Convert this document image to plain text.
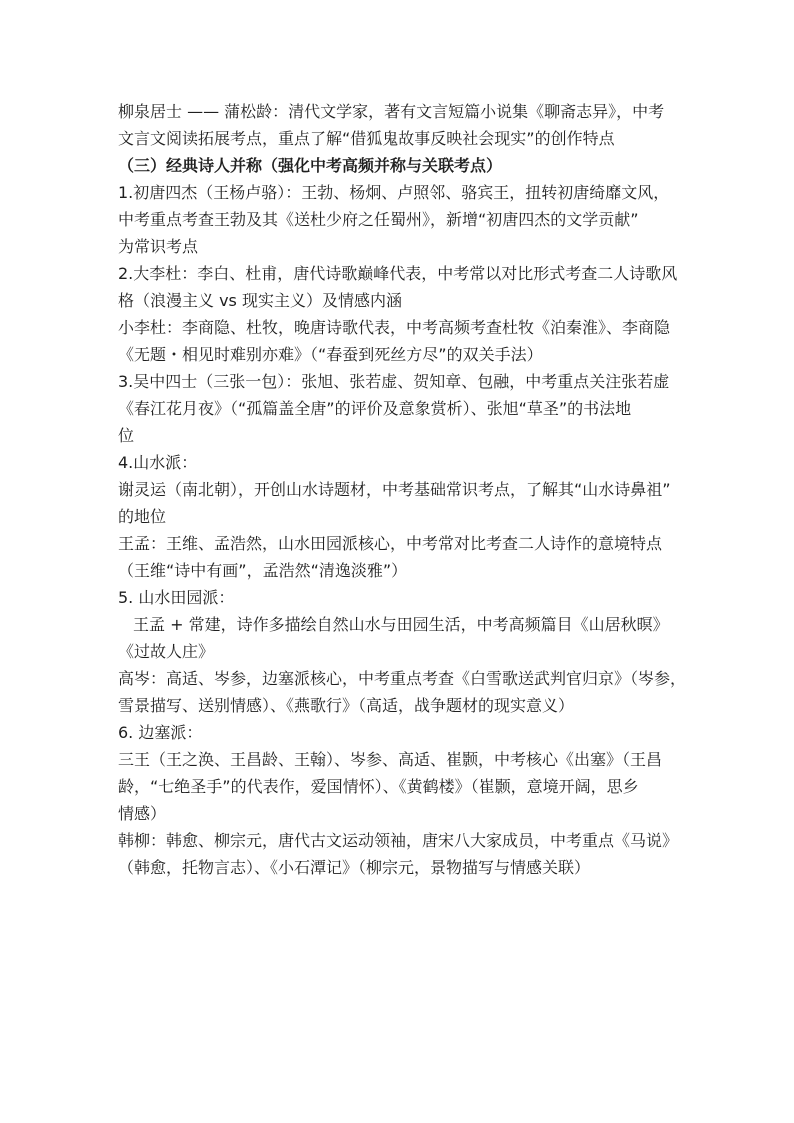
柳泉居士 —— 蒲松龄：清代文学家，著有文言短篇小说集《聊斋志异》，中考
文言文阅读拓展考点，重点了解“借狐鬼故事反映社会现实”的创作特点
（三）经典诗人并称（强化中考高频并称与关联考点）
1.初唐四杰（王杨卢骆）：王勃、杨炯、卢照邻、骆宾王，扭转初唐绮靡文风，
中考重点考查王勃及其《送杜少府之任蜀州》，新增“初唐四杰的文学贡献”
为常识考点
2.大李杜：李白、杜甫，唐代诗歌巅峰代表，中考常以对比形式考查二人诗歌风
格（浪漫主义 vs 现实主义）及情感内涵
小李杜：李商隐、杜牧，晚唐诗歌代表，中考高频考查杜牧《泊秦淮》、李商隐
《无题・相见时难别亦难》（“春蚕到死丝方尽”的双关手法）
3.吴中四士（三张一包）：张旭、张若虚、贺知章、包融，中考重点关注张若虚
《春江花月夜》（“孤篇盖全唐”的评价及意象赏析）、张旭“草圣”的书法地
位
4.山水派：
谢灵运（南北朝），开创山水诗题材，中考基础常识考点，了解其“山水诗鼻祖”
的地位
王孟：王维、孟浩然，山水田园派核心，中考常对比考查二人诗作的意境特点
（王维“诗中有画”，孟浩然“清逸淡雅”）
5. 山水田园派：
王孟 + 常建，诗作多描绘自然山水与田园生活，中考高频篇目《山居秋暝》
《过故人庄》
高岑：高适、岑参，边塞派核心，中考重点考查《白雪歌送武判官归京》（岑参，
雪景描写、送别情感）、《燕歌行》（高适，战争题材的现实意义）
6. 边塞派：
三王（王之涣、王昌龄、王翰）、岑参、高适、崔颢，中考核心《出塞》（王昌
龄，“七绝圣手”的代表作，爱国情怀）、《黄鹤楼》（崔颢，意境开阔，思乡
情感）
韩柳：韩愈、柳宗元，唐代古文运动领袖，唐宋八大家成员，中考重点《马说》
（韩愈，托物言志）、《小石潭记》（柳宗元，景物描写与情感关联）
